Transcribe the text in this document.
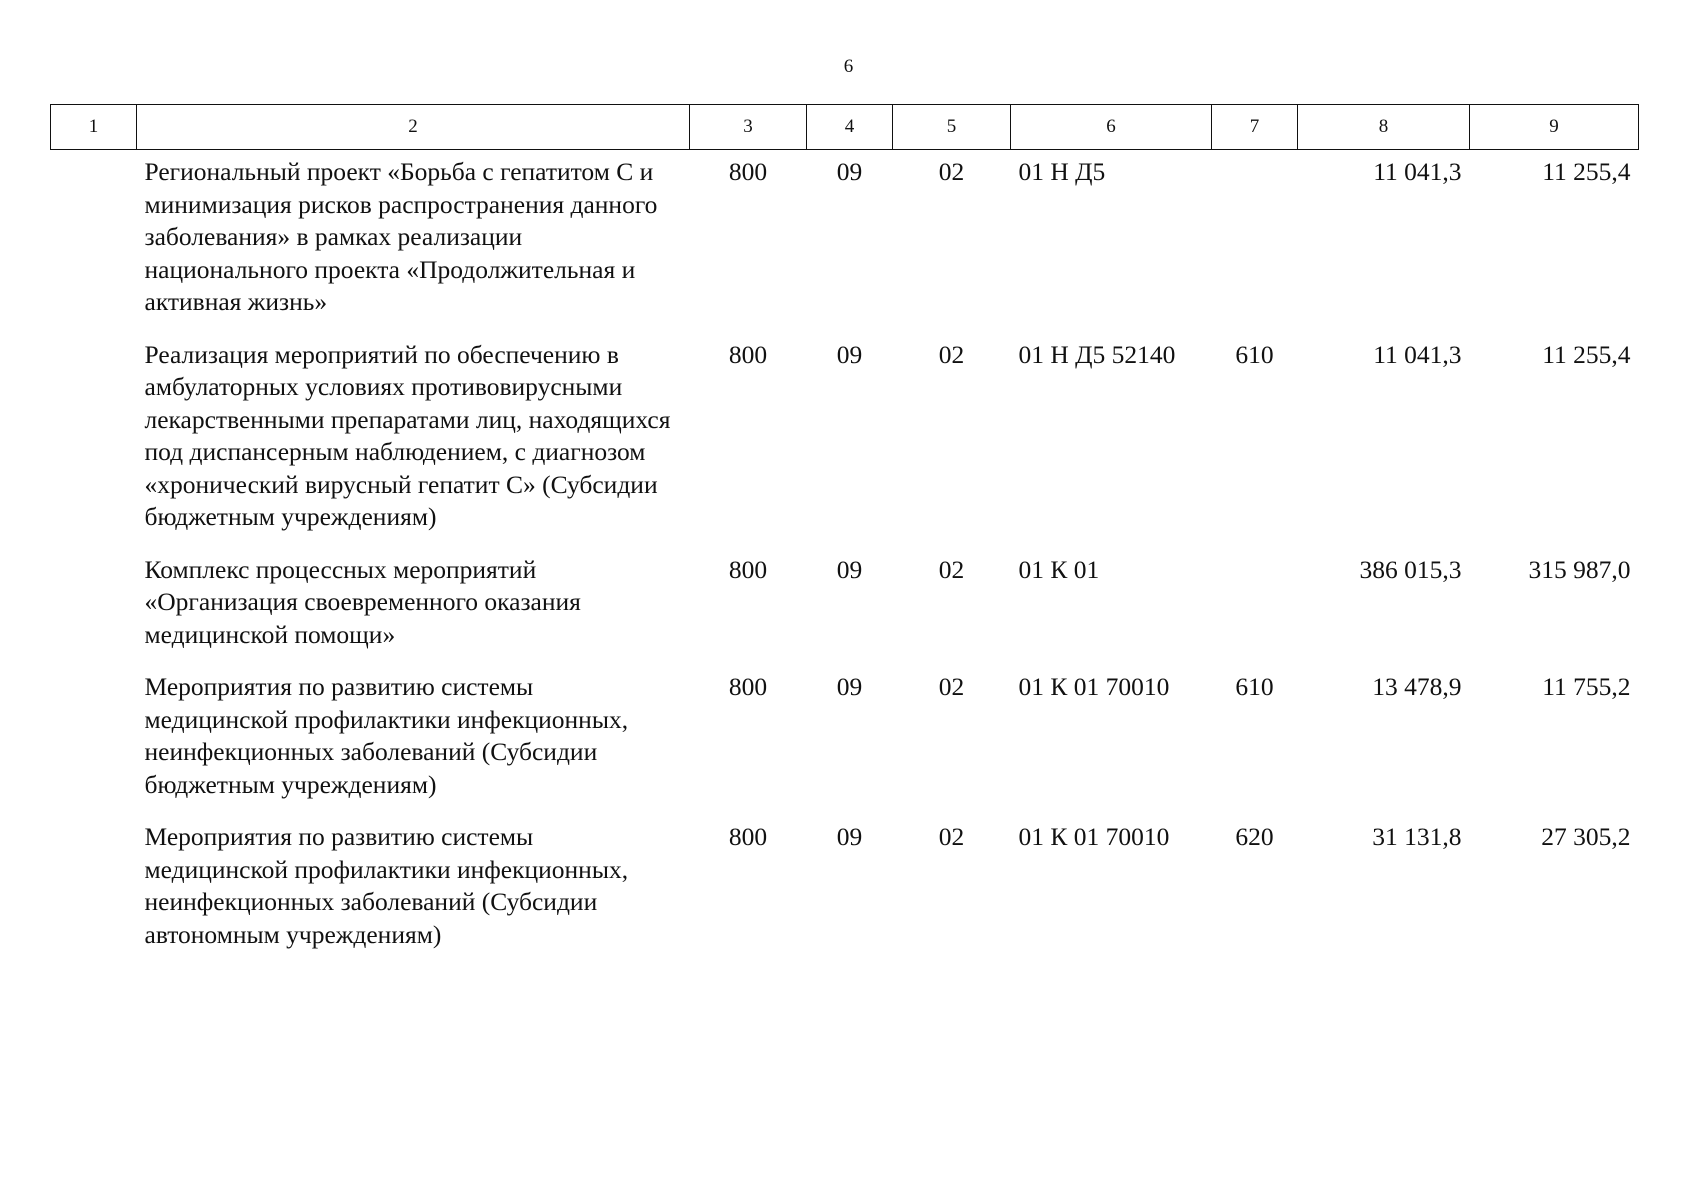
6
1	2	3	4	5	6	7	8	9
	Региональный проект «Борьба с гепатитом С и минимизация рисков распространения данного заболевания» в рамках реализации национального проекта «Продолжительная и активная жизнь»	800	09	02	01 Н Д5		11 041,3	11 255,4
	Реализация мероприятий по обеспечению в амбулаторных условиях противовирусными лекарственными препаратами лиц, находящихся под диспансерным наблюдением, с диагнозом «хронический вирусный гепатит С» (Субсидии бюджетным учреждениям)	800	09	02	01 Н Д5 52140	610	11 041,3	11 255,4
	Комплекс процессных мероприятий «Организация своевременного оказания медицинской помощи»	800	09	02	01 К 01		386 015,3	315 987,0
	Мероприятия по развитию системы медицинской профилактики инфекционных, неинфекционных заболеваний (Субсидии бюджетным учреждениям)	800	09	02	01 К 01 70010	610	13 478,9	11 755,2
	Мероприятия по развитию системы медицинской профилактики инфекционных, неинфекционных заболеваний (Субсидии автономным учреждениям)	800	09	02	01 К 01 70010	620	31 131,8	27 305,2
